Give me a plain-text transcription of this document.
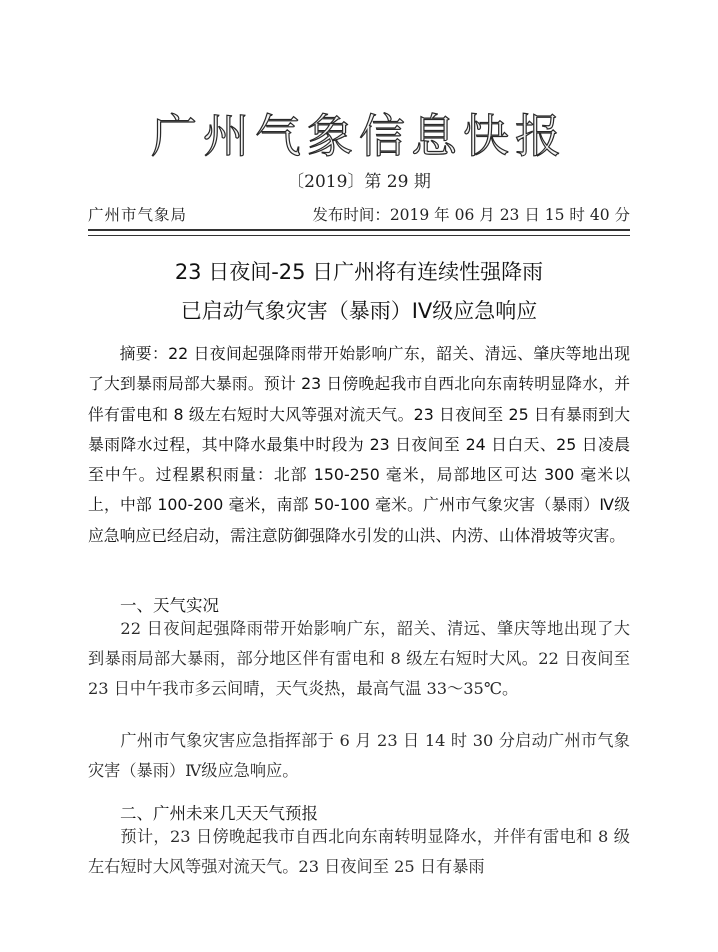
广州气象信息快报
〔2019〕第 29 期
广州市气象局	发布时间：2019 年 06 月 23 日 15 时 40 分
23 日夜间-25 日广州将有连续性强降雨
已启动气象灾害（暴雨）IV级应急响应
摘要：22 日夜间起强降雨带开始影响广东，韶关、清远、肇庆等地出现了大到暴雨局部大暴雨。预计 23 日傍晚起我市自西北向东南转明显降水，并伴有雷电和 8 级左右短时大风等强对流天气。23 日夜间至 25 日有暴雨到大暴雨降水过程，其中降水最集中时段为 23 日夜间至 24 日白天、25 日凌晨至中午。过程累积雨量：北部 150-250 毫米，局部地区可达 300 毫米以上，中部 100-200 毫米，南部 50-100 毫米。广州市气象灾害（暴雨）Ⅳ级应急响应已经启动，需注意防御强降水引发的山洪、内涝、山体滑坡等灾害。
一、天气实况
22 日夜间起强降雨带开始影响广东，韶关、清远、肇庆等地出现了大到暴雨局部大暴雨，部分地区伴有雷电和 8 级左右短时大风。22 日夜间至 23 日中午我市多云间晴，天气炎热，最高气温 33～35℃。
广州市气象灾害应急指挥部于 6 月 23 日 14 时 30 分启动广州市气象灾害（暴雨）Ⅳ级应急响应。
二、广州未来几天天气预报
预计，23 日傍晚起我市自西北向东南转明显降水，并伴有雷电和 8 级左右短时大风等强对流天气。23 日夜间至 25 日有暴雨
